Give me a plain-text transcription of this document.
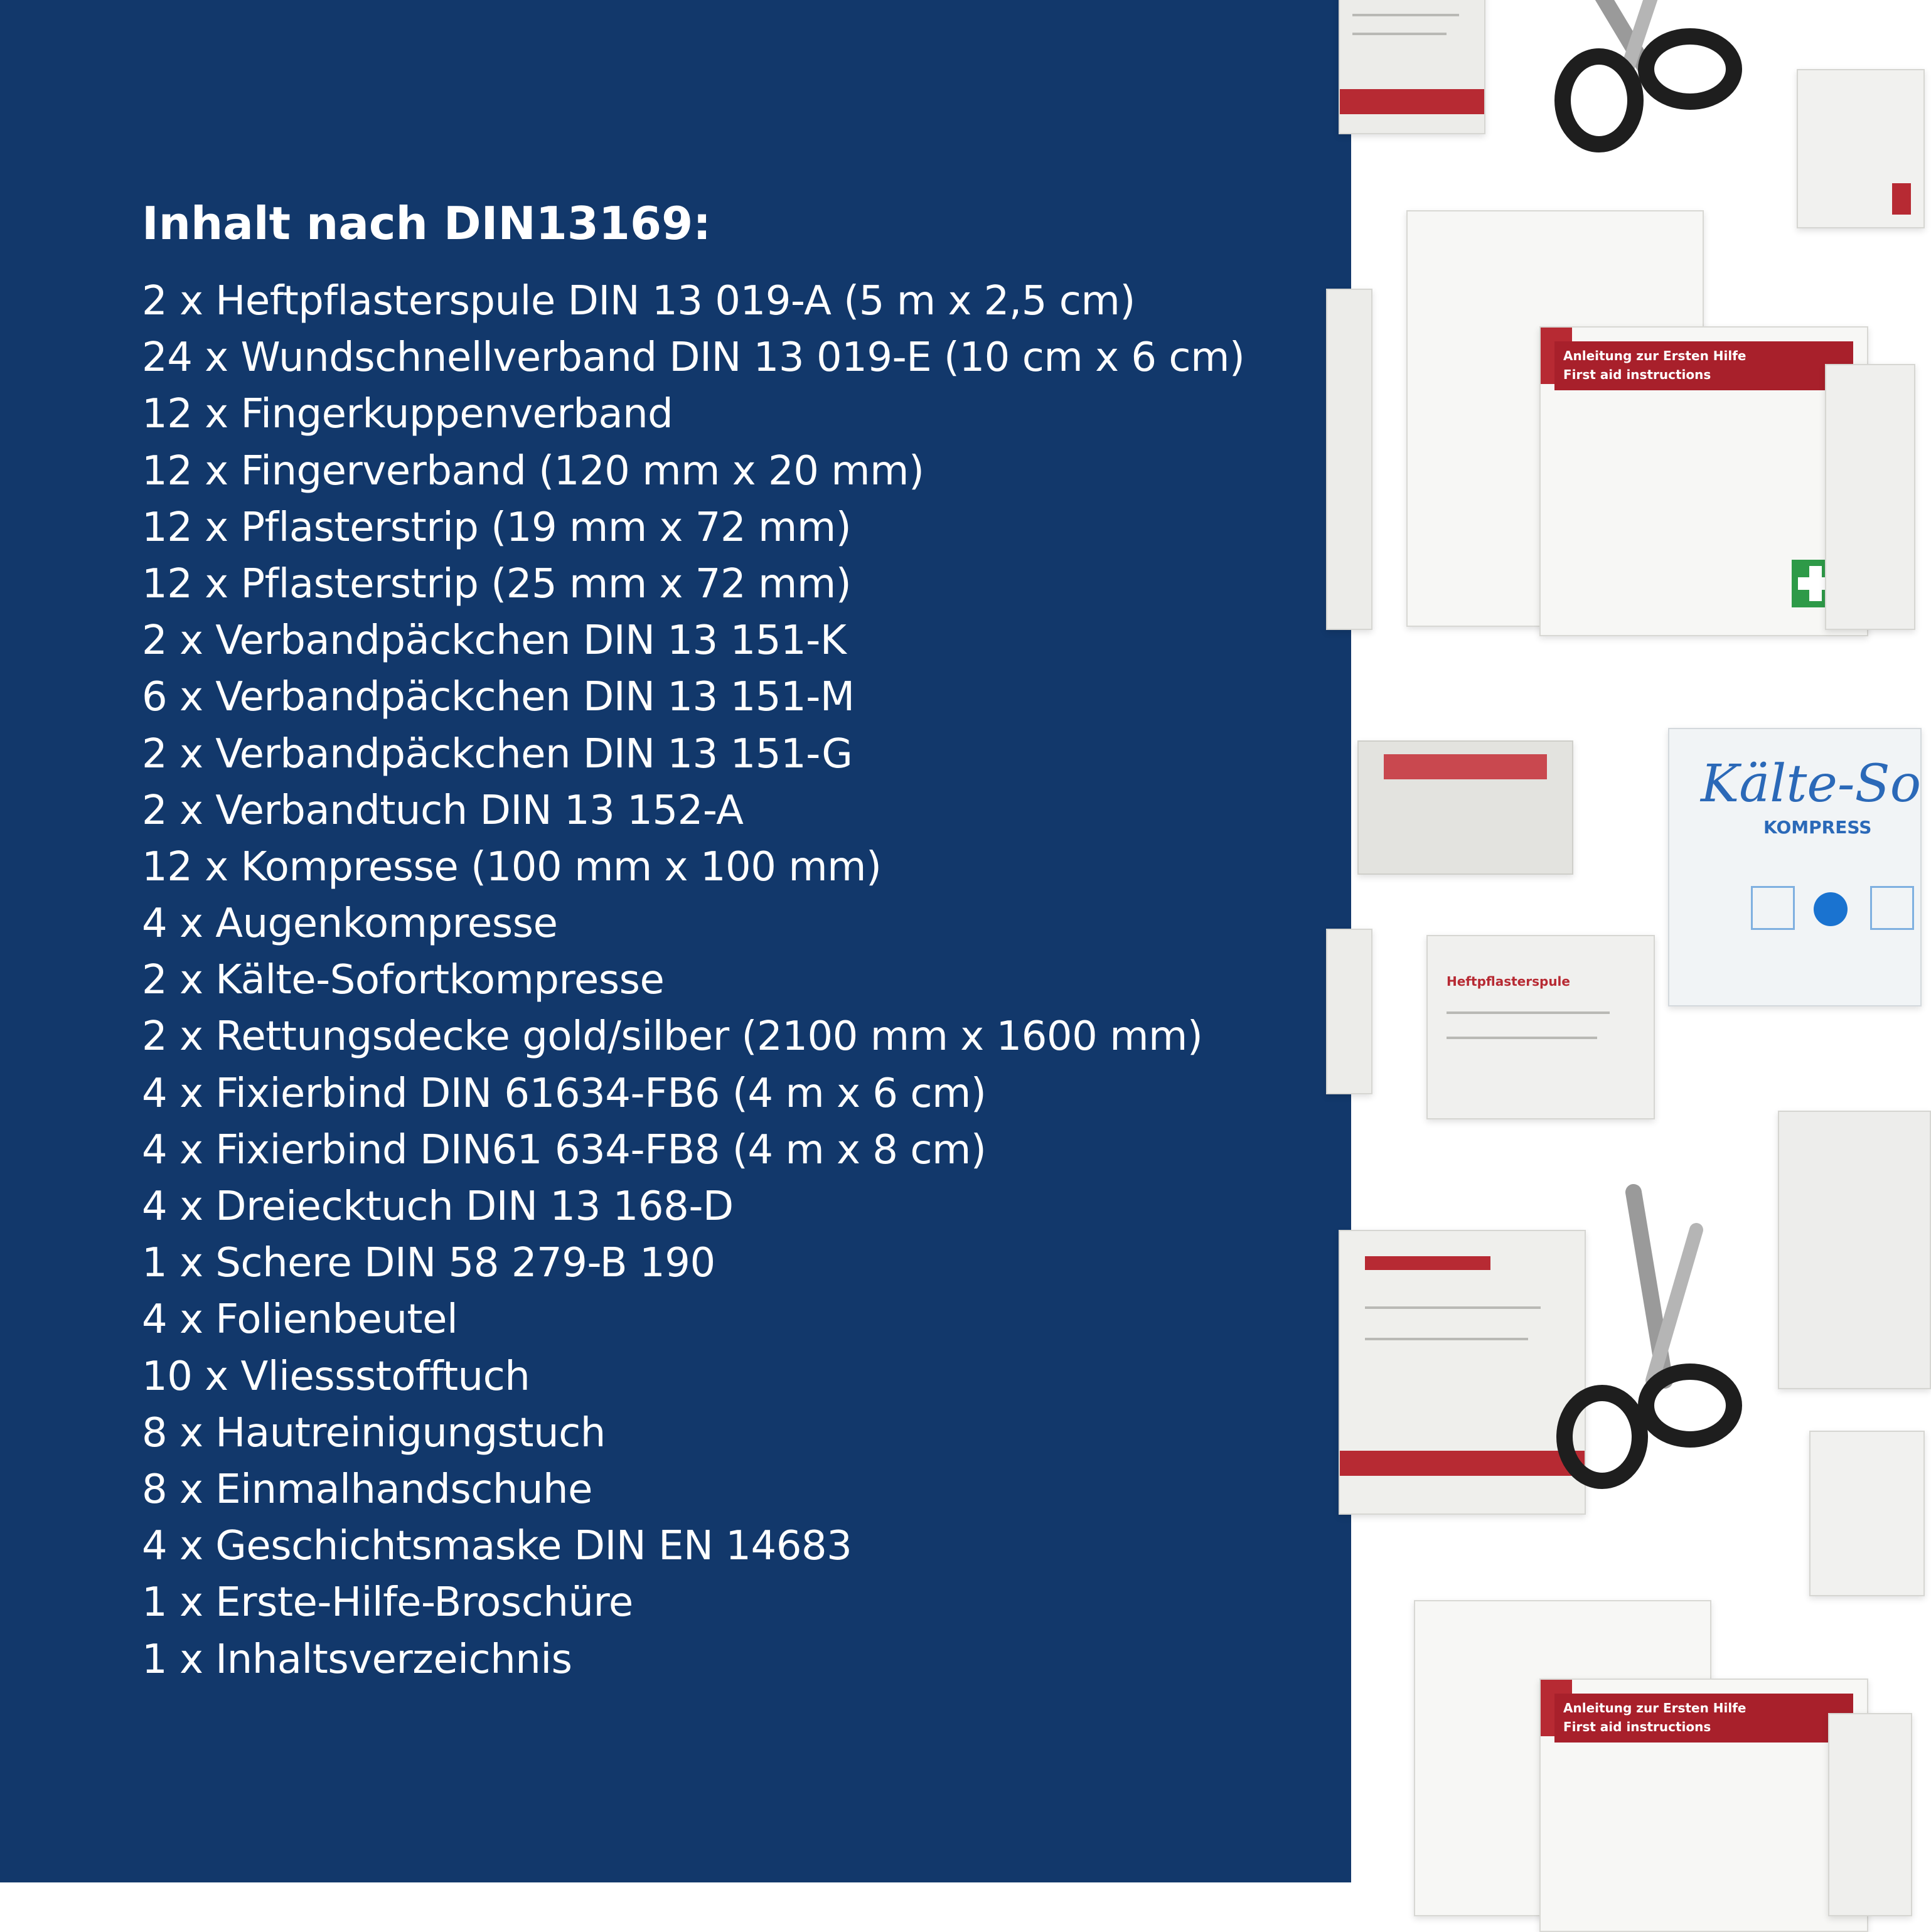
Inhalt nach DIN13169:
2 x Heftpflasterspule DIN 13 019-A (5 m x 2,5 cm)
24 x Wundschnellverband DIN 13 019-E (10 cm x 6 cm)
12 x Fingerkuppenverband
12 x Fingerverband (120 mm x 20 mm)
12 x Pflasterstrip (19 mm x 72 mm)
12 x Pflasterstrip (25 mm x 72 mm)
2 x Verbandpäckchen DIN 13 151-K
6 x Verbandpäckchen DIN 13 151-M
2 x Verbandpäckchen DIN 13 151-G
2 x Verbandtuch DIN 13 152-A
12 x Kompresse (100 mm x 100 mm)
4 x Augenkompresse
2 x Kälte-Sofortkompresse
2 x Rettungsdecke gold/silber (2100 mm x 1600 mm)
4 x Fixierbind DIN 61634-FB6 (4 m x 6 cm)
4 x Fixierbind DIN61 634-FB8 (4 m x 8 cm)
4 x Dreiecktuch DIN 13 168-D
1 x Schere DIN 58 279-B 190
4 x Folienbeutel
10 x Vliessstofftuch
8 x Hautreinigungstuch
8 x Einmalhandschuhe
4 x Geschichtsmaske DIN EN 14683
1 x Erste-Hilfe-Broschüre
1 x Inhaltsverzeichnis
Anleitung zur Ersten Hilfe
First aid instructions
Kälte-So
KOMPRESS
Heftpflasterspule
Anleitung zur Ersten Hilfe
First aid instructions
